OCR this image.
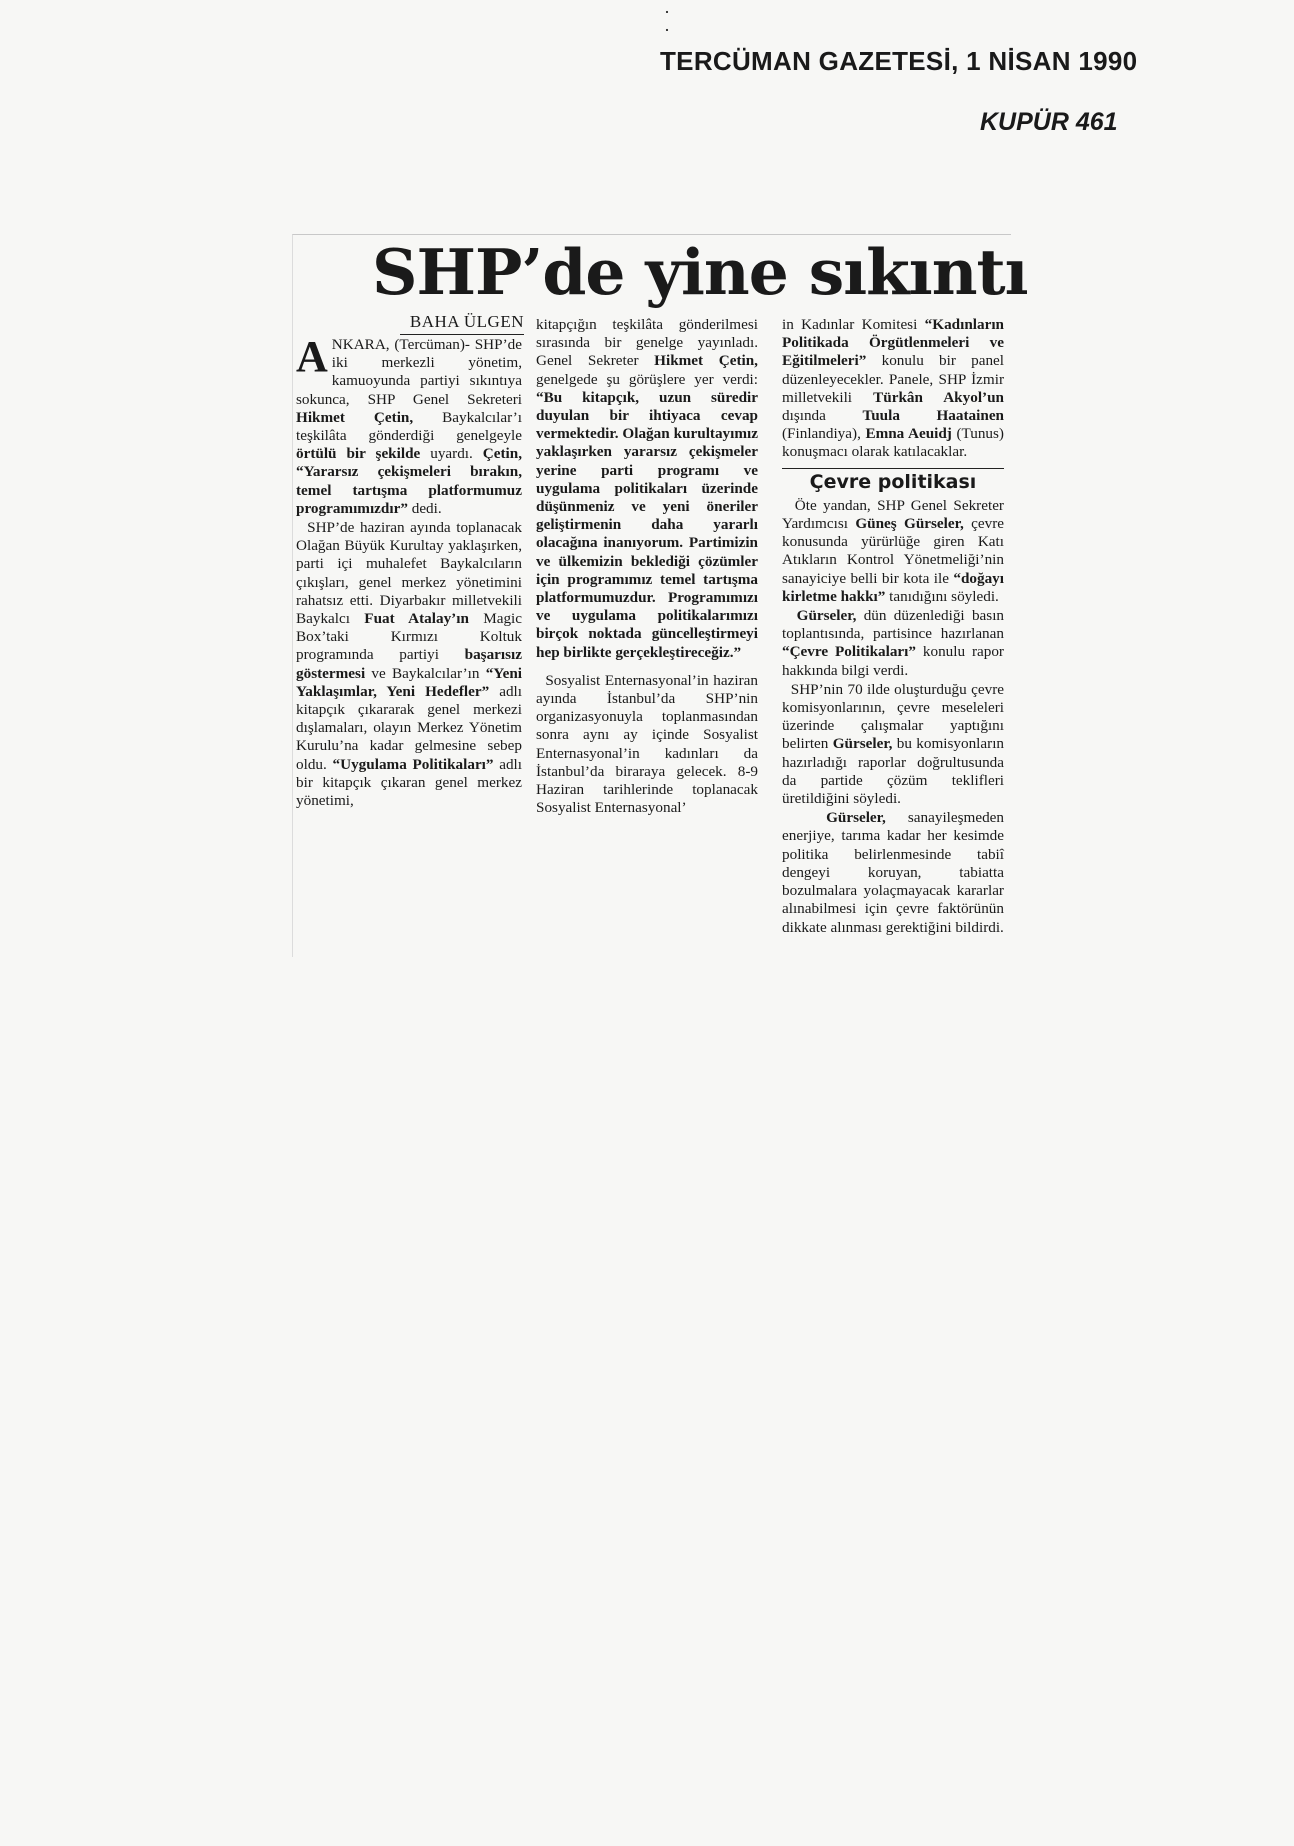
·
·
TERCÜMAN GAZETESİ, 1 NİSAN 1990
KUPÜR 461
SHP’de yine sıkıntı
BAHA ÜLGEN

ANKARA, (Tercüman)- SHP’de iki merkezli yönetim, kamuoyunda partiyi sıkıntıya sokunca, SHP Genel Sekreteri Hikmet Çetin, Baykalcılar’ı teşkilâta gönderdiği genelgeyle örtülü bir şekilde uyardı. Çetin, “Yararsız çekişmeleri bırakın, temel tartışma platformumuz programımızdır” dedi.

SHP’de haziran ayında toplanacak Olağan Büyük Kurultay yaklaşırken, parti içi muhalefet Baykalcıların çıkışları, genel merkez yönetimini rahatsız etti. Diyarbakır milletvekili Baykalcı Fuat Atalay’ın Magic Box’taki Kırmızı Koltuk programında partiyi başarısız göstermesi ve Baykalcılar’ın “Yeni Yaklaşımlar, Yeni Hedefler” adlı kitapçık çıkararak genel merkezi dışlamaları, olayın Merkez Yönetim Kurulu’na kadar gelmesine sebep oldu. “Uygulama Politikaları” adlı bir kitapçık çıkaran genel merkez yönetimi,

kitapçığın teşkilâta gönderilmesi sırasında bir genelge yayınladı. Genel Sekreter Hikmet Çetin, genelgede şu görüşlere yer verdi: “Bu kitapçık, uzun süredir duyulan bir ihtiyaca cevap vermektedir. Olağan kurultayımız yaklaşırken yararsız çekişmeler yerine parti programı ve uygulama politikaları üzerinde düşünmeniz ve yeni öneriler geliştirmenin daha yararlı olacağına inanıyorum. Partimizin ve ülkemizin beklediği çözümler için programımız temel tartışma platformumuzdur. Programımızı ve uygulama politikalarımızı birçok noktada güncelleştirmeyi hep birlikte gerçekleştireceğiz.”

Sosyalist Enternasyonal’in haziran ayında İstanbul’da SHP’nin organizasyonuyla toplanmasından sonra aynı ay içinde Sosyalist Enternasyonal’in kadınları da İstanbul’da biraraya gelecek. 8-9 Haziran tarihlerinde toplanacak Sosyalist Enternasyonal’

in Kadınlar Komitesi “Kadınların Politikada Örgütlenmeleri ve Eğitilmeleri” konulu bir panel düzenleyecekler. Panele, SHP İzmir milletvekili Türkân Akyol’un dışında Tuula Haatainen (Finlandiya), Emna Aeuidj (Tunus) konuşmacı olarak katılacaklar.

Çevre politikası

Öte yandan, SHP Genel Sekreter Yardımcısı Güneş Gürseler, çevre konusunda yürürlüğe giren Katı Atıkların Kontrol Yönetmeliği’nin sanayiciye belli bir kota ile “doğayı kirletme hakkı” tanıdığını söyledi.

Gürseler, dün düzenlediği basın toplantısında, partisince hazırlanan “Çevre Politikaları” konulu rapor hakkında bilgi verdi.

SHP’nin 70 ilde oluşturduğu çevre komisyonlarının, çevre meseleleri üzerinde çalışmalar yaptığını belirten Gürseler, bu komisyonların hazırladığı raporlar doğrultusunda da partide çözüm teklifleri üretildiğini söyledi.

Gürseler, sanayileşmeden enerjiye, tarıma kadar her kesimde politika belirlenmesinde tabiî dengeyi koruyan, tabiatta bozulmalara yolaçmayacak kararlar alınabilmesi için çevre faktörünün dikkate alınması gerektiğini bildirdi.
